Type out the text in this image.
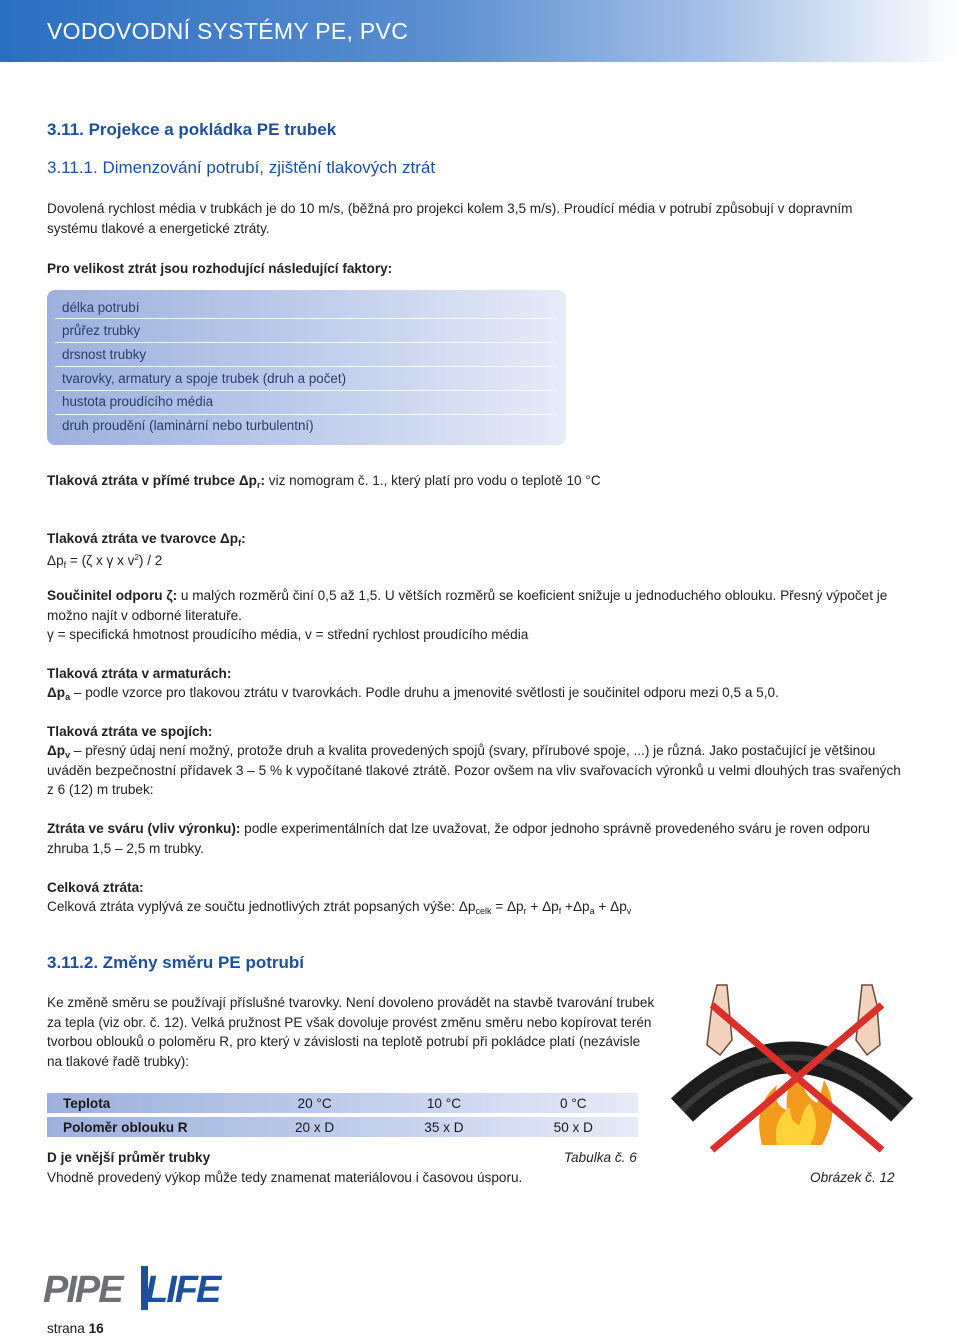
VODOVODNÍ SYSTÉMY PE, PVC
3.11. Projekce a pokládka PE trubek
3.11.1. Dimenzování potrubí, zjištění tlakových ztrát
Dovolená rychlost média v trubkách je do 10 m/s, (běžná pro projekci kolem 3,5 m/s). Proudící média v potrubí způsobují v dopravním
systému tlakové a energetické ztráty.
Pro velikost ztrát jsou rozhodující následující faktory:
délka potrubí
průřez trubky
drsnost trubky
tvarovky, armatury a spoje trubek (druh a počet)
hustota proudícího média
druh proudění (laminární nebo turbulentní)
Tlaková ztráta v přímé trubce $\Delta p_r$: viz nomogram č. 1., který platí pro vodu o teplotě 10 °C
Tlaková ztráta ve tvarovce $\Delta p_f$:
$\Delta p_f = (\zeta$ x γ x $v^2) / 2$
Součinitel odporu ζ: u malých rozměrů činí 0,5 až 1,5. U větších rozměrů se koeficient snižuje u jednoduchého oblouku. Přesný výpočet je
možno najít v odborné literatuře.
γ = specifická hmotnost proudícího média, v = střední rychlost proudícího média
Tlaková ztráta v armaturách:
$\Delta p_a$ – podle vzorce pro tlakovou ztrátu v tvarovkách. Podle druhu a jmenovité světlosti je součinitel odporu mezi 0,5 a 5,0.
Tlaková ztráta ve spojích:
$\Delta p_v$ – přesný údaj není možný, protože druh a kvalita provedených spojů (svary, přírubové spoje, ...) je různá. Jako postačující je většinou
uváděn bezpečnostní přídavek 3 – 5 % k vypočítané tlakové ztrátě. Pozor ovšem na vliv svařovacích výronků u velmi dlouhých tras svařených
z 6 (12) m trubek:
Ztráta ve sváru (vliv výronku): podle experimentálních dat lze uvažovat, že odpor jednoho správně provedeného sváru je roven odporu
zhruba 1,5 – 2,5 m trubky.
Celková ztráta:
Celková ztráta vyplývá ze součtu jednotlivých ztrát popsaných výše: $\Delta p_{celk} = \Delta p_r + \Delta p_f +\Delta p_a + \Delta p_v$
3.11.2. Změny směru PE potrubí
Ke změně směru se používají příslušné tvarovky. Není dovoleno provádět na stavbě tvarování trubek
za tepla (viz obr. č. 12). Velká pružnost PE však dovoluje provést změnu směru nebo kopírovat terén
tvorbou oblouků o poloměru R, pro který v závislosti na teplotě potrubí při pokládce platí (nezávisle
na tlakové řadě trubky):
Teplota	20 °C	10 °C	0 °C
Poloměr oblouku R	20 x D	35 x D	50 x D
D je vnější průměr trubky	Tabulka č. 6
Vhodně provedený výkop může tedy znamenat materiálovou i časovou úsporu.	Obrázek č. 12
PIPE LIFE
strana 16
